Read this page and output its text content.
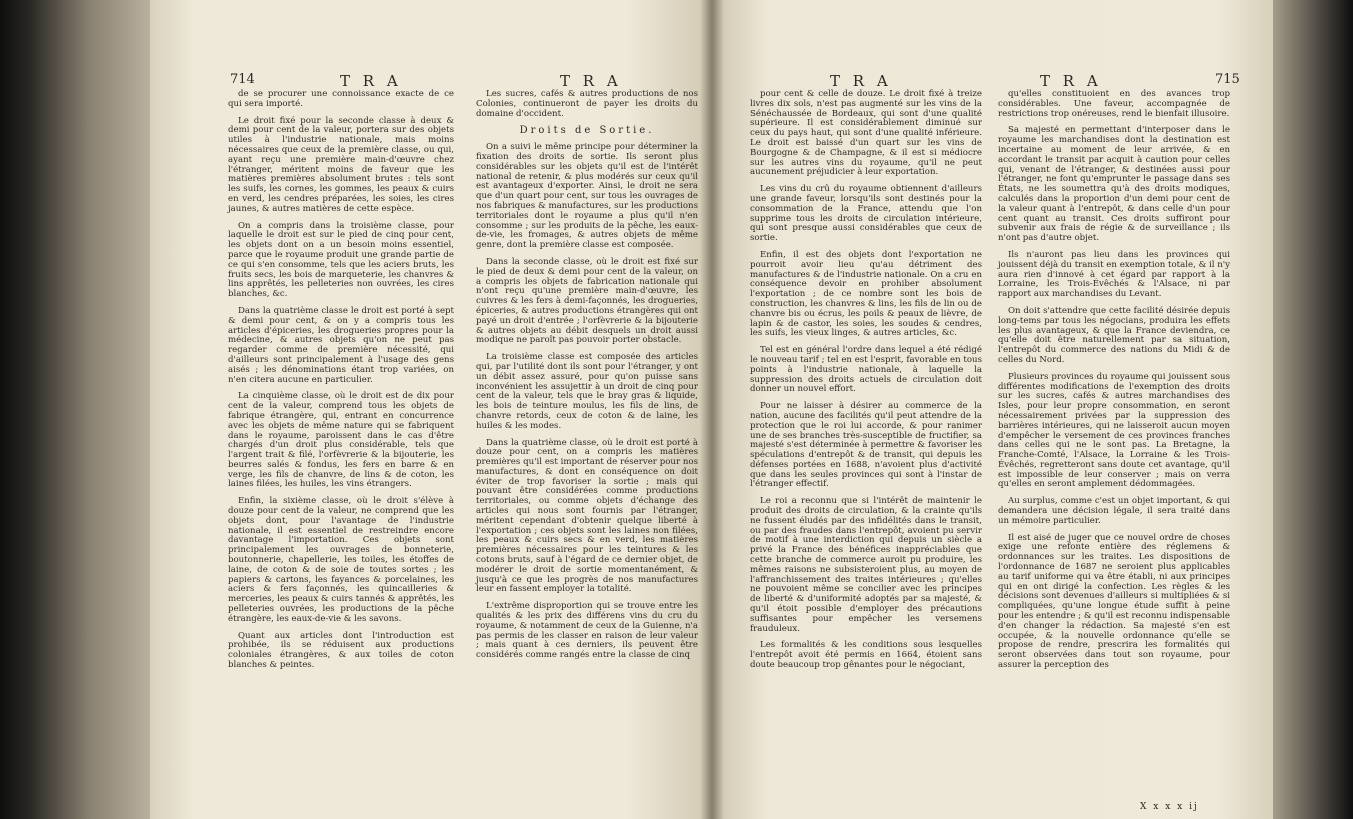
714	T R A	T R A

de se procurer une connoissance exacte de ce qui sera importé.

Le droit fixé pour la seconde classe à deux & demi pour cent de la valeur, portera sur des objets utiles à l'industrie nationale, mais moins nécessaires que ceux de la première classe, ou qui, ayant reçu une première main-d'œuvre chez l'étranger, méritent moins de faveur que les matières premières absolument brutes : tels sont les suifs, les cornes, les gommes, les peaux & cuirs en verd, les cendres préparées, les soies, les cires jaunes, & autres matières de cette espèce.

On a compris dans la troisième classe, pour laquelle le droit est sur le pied de cinq pour cent, les objets dont on a un besoin moins essentiel, parce que le royaume produit une grande partie de ce qui s'en consomme, tels que les aciers bruts, les fruits secs, les bois de marqueterie, les chanvres & lins apprêtés, les pelleteries non ouvrées, les cires blanches, &c.

Dans la quatrième classe le droit est porté à sept & demi pour cent, & on y a compris tous les articles d'épiceries, les drogueries propres pour la médecine, & autres objets qu'on ne peut pas regarder comme de première nécessité, qui d'ailleurs sont principalement à l'usage des gens aisés ; les dénominations étant trop variées, on n'en citera aucune en particulier.

La cinquième classe, où le droit est de dix pour cent de la valeur, comprend tous les objets de fabrique étrangère, qui, entrant en concurrence avec les objets de même nature qui se fabriquent dans le royaume, paroissent dans le cas d'être chargés d'un droit plus considérable, tels que l'argent trait & filé, l'orfèvrerie & la bijouterie, les beurres salés & fondus, les fers en barre & en verge, les fils de chanvre, de lins & de coton, les laines filées, les huiles, les vins étrangers.

Enfin, la sixième classe, où le droit s'élève à douze pour cent de la valeur, ne comprend que les objets dont, pour l'avantage de l'industrie nationale, il est essentiel de restreindre encore davantage l'importation. Ces objets sont principalement les ouvrages de bonneterie, boutonnerie, chapellerie, les toiles, les étoffes de laine, de coton & de soie de toutes sortes ; les papiers & cartons, les fayances & porcelaines, les aciers & fers façonnés, les quincailleries & merceries, les peaux & cuirs tannés & apprêtés, les pelleteries ouvrées, les productions de la pêche étrangère, les eaux-de-vie & les savons.

Quant aux articles dont l'introduction est prohibée, ils se réduisent aux productions coloniales étrangères, & aux toiles de coton blanches & peintes.

Les sucres, cafés & autres productions de nos Colonies, continueront de payer les droits du domaine d'occident.

Droits de Sortie.

On a suivi le même principe pour déterminer la fixation des droits de sortie. Ils seront plus considérables sur les objets qu'il est de l'intérêt national de retenir, & plus modérés sur ceux qu'il est avantageux d'exporter. Ainsi, le droit ne sera que d'un quart pour cent, sur tous les ouvrages de nos fabriques & manufactures, sur les productions territoriales dont le royaume a plus qu'il n'en consomme ; sur les produits de la pêche, les eaux-de-vie, les fromages, & autres objets de même genre, dont la première classe est composée.

Dans la seconde classe, où le droit est fixé sur le pied de deux & demi pour cent de la valeur, on a compris les objets de fabrication nationale qui n'ont reçu qu'une première main-d'œuvre, les cuivres & les fers à demi-façonnés, les drogueries, épiceries, & autres productions étrangères qui ont payé un droit d'entrée ; l'orfèvrerie & la bijouterie & autres objets au débit desquels un droit aussi modique ne paroît pas pouvoir porter obstacle.

La troisième classe est composée des articles qui, par l'utilité dont ils sont pour l'étranger, y ont un débit assez assuré, pour qu'on puisse sans inconvénient les assujettir à un droit de cinq pour cent de la valeur, tels que le bray gras & liquide, les bois de teinture moulus, les fils de lins, de chanvre retords, ceux de coton & de laine, les huiles & les modes.

Dans la quatrième classe, où le droit est porté à douze pour cent, on a compris les matières premières qu'il est important de réserver pour nos manufactures, & dont en conséquence on doit éviter de trop favoriser la sortie ; mais qui pouvant être considérées comme productions territoriales, ou comme objets d'échange des articles qui nous sont fournis par l'étranger, méritent cependant d'obtenir quelque liberté à l'exportation ; ces objets sont les laines non filées, les peaux & cuirs secs & en verd, les matières premières nécessaires pour les teintures & les cotons bruts, sauf à l'égard de ce dernier objet, de modérer le droit de sortie momentanément, & jusqu'à ce que les progrès de nos manufactures leur en fassent employer la totalité.

L'extrême disproportion qui se trouve entre les qualités & les prix des différens vins du cru du royaume, & notamment de ceux de la Guienne, n'a pas permis de les classer en raison de leur valeur ; mais quant à ces derniers, ils peuvent être considérés comme rangés entre la classe de cinq

T R A	T R A	715

pour cent & celle de douze. Le droit fixé à treize livres dix sols, n'est pas augmenté sur les vins de la Sénéchaussée de Bordeaux, qui sont d'une qualité supérieure. Il est considérablement diminué sur ceux du pays haut, qui sont d'une qualité inférieure. Le droit est baissé d'un quart sur les vins de Bourgogne & de Champagne, & il est si médiocre sur les autres vins du royaume, qu'il ne peut aucunement préjudicier à leur exportation.

Les vins du crû du royaume obtiennent d'ailleurs une grande faveur, lorsqu'ils sont destinés pour la consommation de la France, attendu que l'on supprime tous les droits de circulation intérieure, qui sont presque aussi considérables que ceux de sortie.

Enfin, il est des objets dont l'exportation ne pourroit avoir lieu qu'au détriment des manufactures & de l'industrie nationale. On a cru en conséquence devoir en prohiber absolument l'exportation ; de ce nombre sont les bois de construction, les chanvres & lins, les fils de lin ou de chanvre bis ou écrus, les poils & peaux de lièvre, de lapin & de castor, les soies, les soudes & cendres, les suifs, les vieux linges, & autres articles, &c.

Tel est en général l'ordre dans lequel a été rédigé le nouveau tarif ; tel en est l'esprit, favorable en tous points à l'industrie nationale, à laquelle la suppression des droits actuels de circulation doit donner un nouvel effort.

Pour ne laisser à désirer au commerce de la nation, aucune des facilités qu'il peut attendre de la protection que le roi lui accorde, & pour ranimer une de ses branches très-susceptible de fructifier, sa majesté s'est déterminée à permettre & favoriser les spéculations d'entrepôt & de transit, qui depuis les défenses portées en 1688, n'avoient plus d'activité que dans les seules provinces qui sont à l'instar de l'étranger effectif.

Le roi a reconnu que si l'intérêt de maintenir le produit des droits de circulation, & la crainte qu'ils ne fussent éludés par des infidélités dans le transit, ou par des fraudes dans l'entrepôt, avoient pu servir de motif à une interdiction qui depuis un siècle a privé la France des bénéfices inappréciables que cette branche de commerce auroit pu produire, les mêmes raisons ne subsisteroient plus, au moyen de l'affranchissement des traites intérieures ; qu'elles ne pouvoient même se concilier avec les principes de liberté & d'uniformité adoptés par sa majesté, & qu'il étoit possible d'employer des précautions suffisantes pour empêcher les versemens frauduleux.

Les formalités & les conditions sous lesquelles l'entrepôt avoit été permis en 1664, étoient sans doute beaucoup trop gênantes pour le négociant,

qu'elles constituoient en des avances trop considérables. Une faveur, accompagnée de restrictions trop onéreuses, rend le bienfait illusoire.

Sa majesté en permettant d'interposer dans le royaume les marchandises dont la destination est incertaine au moment de leur arrivée, & en accordant le transit par acquit à caution pour celles qui, venant de l'étranger, & destinées aussi pour l'étranger, ne font qu'emprunter le passage dans ses États, ne les soumettra qu'à des droits modiques, calculés dans la proportion d'un demi pour cent de la valeur quant à l'entrepôt, & dans celle d'un pour cent quant au transit. Ces droits suffiront pour subvenir aux frais de régie & de surveillance ; ils n'ont pas d'autre objet.

Ils n'auront pas lieu dans les provinces qui jouissent déjà du transit en exemption totale, & il n'y aura rien d'innové à cet égard par rapport à la Lorraine, les Trois-Évêchés & l'Alsace, ni par rapport aux marchandises du Levant.

On doit s'attendre que cette facilité désirée depuis long-tems par tous les négocians, produira les effets les plus avantageux, & que la France deviendra, ce qu'elle doit être naturellement par sa situation, l'entrepôt du commerce des nations du Midi & de celles du Nord.

Plusieurs provinces du royaume qui jouissent sous différentes modifications de l'exemption des droits sur les sucres, cafés & autres marchandises des Isles, pour leur propre consommation, en seront nécessairement privées par la suppression des barrières intérieures, qui ne laisseroit aucun moyen d'empêcher le versement de ces provinces franches dans celles qui ne le sont pas. La Bretagne, la Franche-Comté, l'Alsace, la Lorraine & les Trois-Évêchés, regretteront sans doute cet avantage, qu'il est impossible de leur conserver ; mais on verra qu'elles en seront amplement dédommagées.

Au surplus, comme c'est un objet important, & qui demandera une décision légale, il sera traité dans un mémoire particulier.

Il est aisé de juger que ce nouvel ordre de choses exige une refonte entière des réglemens & ordonnances sur les traites. Les dispositions de l'ordonnance de 1687 ne seroient plus applicables au tarif uniforme qui va être établi, ni aux principes qui en ont dirigé la confection. Les règles & les décisions sont devenues d'ailleurs si multipliées & si compliquées, qu'une longue étude suffit à peine pour les entendre ; & qu'il est reconnu indispensable d'en changer la rédaction. Sa majesté s'en est occupée, & la nouvelle ordonnance qu'elle se propose de rendre, prescrira les formalités qui seront observées dans tout son royaume, pour assurer la perception des

X x x x ij
